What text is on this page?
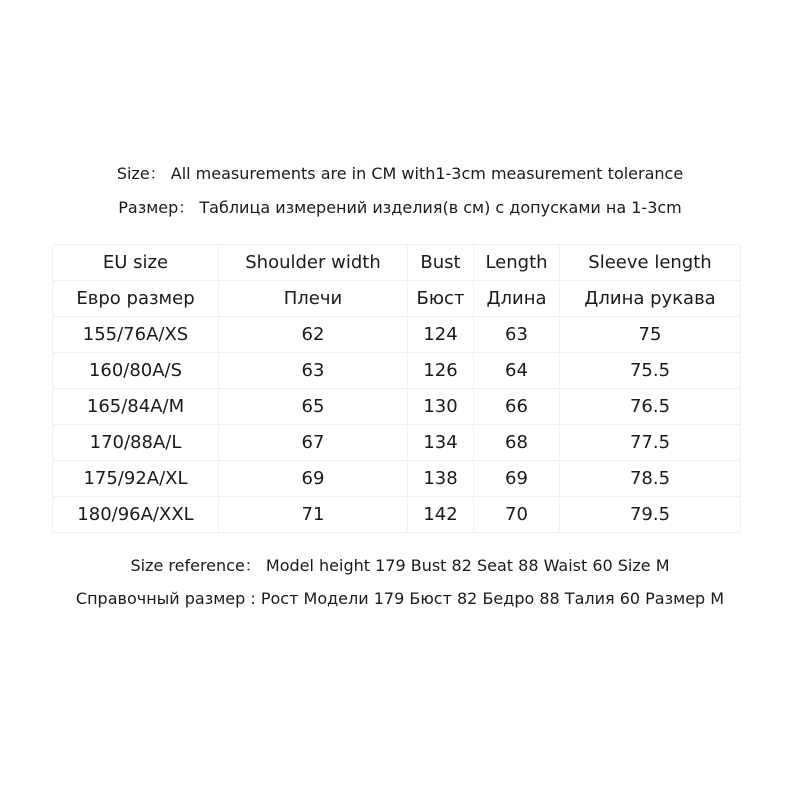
Size： All measurements are in CM with1-3cm measurement tolerance
Размер： Таблица измерений изделия(в см) с допусками на 1-3сm
EU size	Shoulder width	Bust	Length	Sleeve length
Евро размер	Плечи	Бюст	Длина	Длина рукава
155/76A/XS	62	124	63	75
160/80A/S	63	126	64	75.5
165/84A/M	65	130	66	76.5
170/88A/L	67	134	68	77.5
175/92A/XL	69	138	69	78.5
180/96A/XXL	71	142	70	79.5
Size reference： Model height 179 Bust 82 Seat 88 Waist 60 Size M
Справочный размер : Рост Модели 179 Бюст 82 Бедро 88 Талия 60 Размер M
